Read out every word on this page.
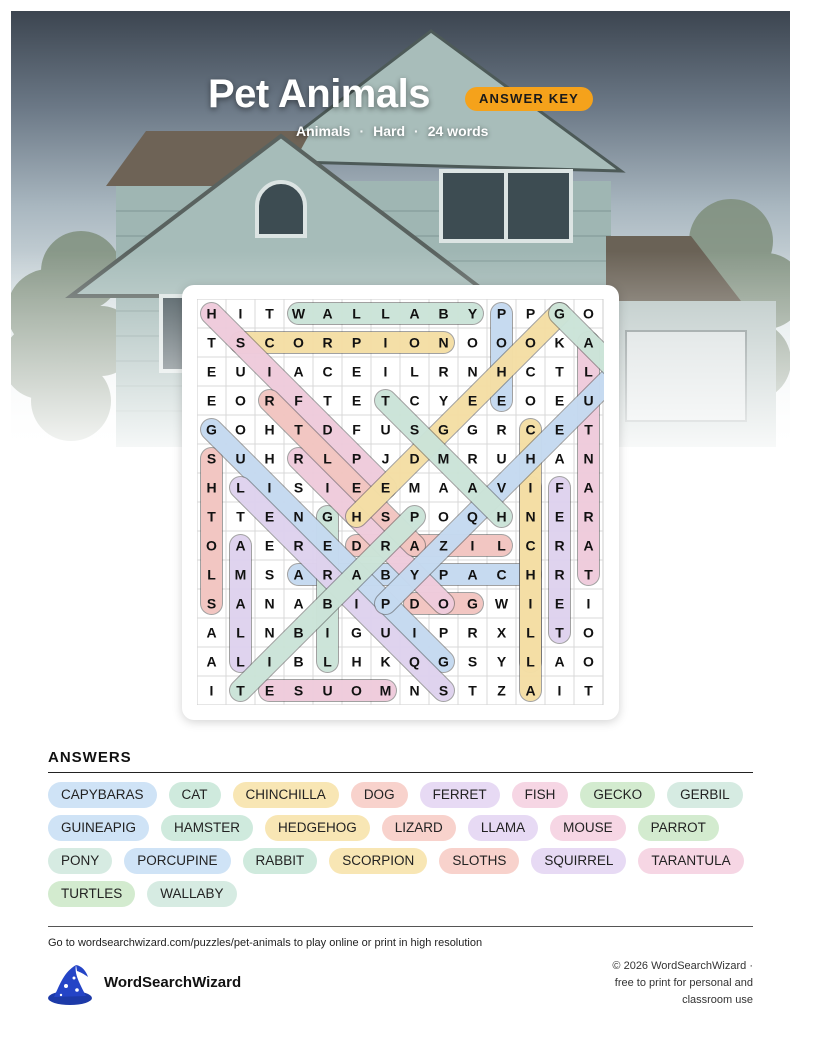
Pet Animals	ANSWER KEY
Animals · Hard · 24 words
H I T W A L L A B Y P P G O
T S C O R P I O N O O O K A
E U I A C E I L R N H C T L
E O R F T E T C Y E E O E U
G O H T D F U S G G R C E T
S U H R L P J D M R U H A N
H L I S I E E M A A V I F A
T T E N G H S P O Q H N E R
O A E R E D R A Z I L C R A
L M S A R A B Y P A C H R T
S A N A B I P D O G W I E I
A L N B I G U I P R X L T O
A L I B L H K Q G S Y L A O
I T E S U O M N S T Z A I T
ANSWERS
CAPYBARAS	CAT	CHINCHILLA	DOG	FERRET	FISH	GECKO	GERBIL
GUINEAPIG	HAMSTER	HEDGEHOG	LIZARD	LLAMA	MOUSE	PARROT
PONY	PORCUPINE	RABBIT	SCORPION	SLOTHS	SQUIRREL	TARANTULA
TURTLES	WALLABY
Go to wordsearchwizard.com/puzzles/pet-animals to play online or print in high resolution
WordSearchWizard
© 2026 WordSearchWizard ·
free to print for personal and
classroom use
